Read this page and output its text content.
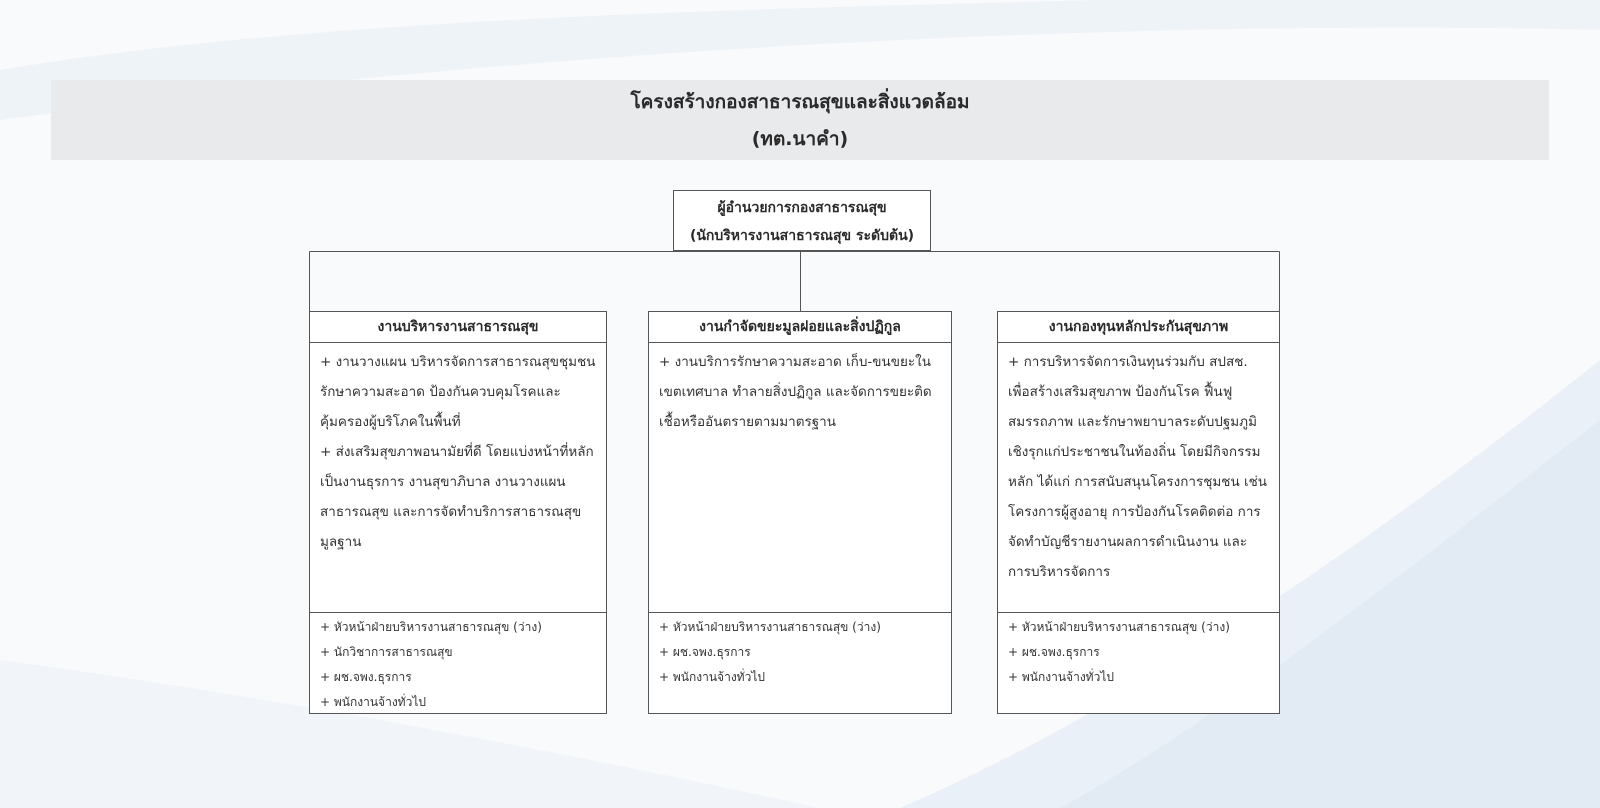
โครงสร้างกองสาธารณสุขและสิ่งแวดล้อม
(ทต.นาคำ)
ผู้อำนวยการกองสาธารณสุข
(นักบริหารงานสาธารณสุข ระดับต้น)
งานบริหารงานสาธารณสุข

+ งานวางแผน บริหารจัดการสาธารณสุขชุมชน รักษาความสะอาด ป้องกันควบคุมโรคและคุ้มครองผู้บริโภคในพื้นที่

+ ส่งเสริมสุขภาพอนามัยที่ดี โดยแบ่งหน้าที่หลักเป็นงานธุรการ งานสุขาภิบาล งานวางแผนสาธารณสุข และการจัดทำบริการสาธารณสุขมูลฐาน

+ หัวหน้าฝ่ายบริหารงานสาธารณสุข (ว่าง)
+ นักวิชาการสาธารณสุข
+ ผช.จพง.ธุรการ
+ พนักงานจ้างทั่วไป
งานกำจัดขยะมูลฝอยและสิ่งปฏิกูล

+ งานบริการรักษาความสะอาด เก็บ-ขนขยะในเขตเทศบาล ทำลายสิ่งปฏิกูล และจัดการขยะติดเชื้อหรืออันตรายตามมาตรฐาน

+ หัวหน้าฝ่ายบริหารงานสาธารณสุข (ว่าง)
+ ผช.จพง.ธุรการ
+ พนักงานจ้างทั่วไป
งานกองทุนหลักประกันสุขภาพ

+ การบริหารจัดการเงินทุนร่วมกับ สปสช. เพื่อสร้างเสริมสุขภาพ ป้องกันโรค ฟื้นฟูสมรรถภาพ และรักษาพยาบาลระดับปฐมภูมิเชิงรุกแก่ประชาชนในท้องถิ่น โดยมีกิจกรรมหลัก ได้แก่ การสนับสนุนโครงการชุมชน เช่น โครงการผู้สูงอายุ การป้องกันโรคติดต่อ การจัดทำบัญชีรายงานผลการดำเนินงาน และการบริหารจัดการ

+ หัวหน้าฝ่ายบริหารงานสาธารณสุข (ว่าง)
+ ผช.จพง.ธุรการ
+ พนักงานจ้างทั่วไป
